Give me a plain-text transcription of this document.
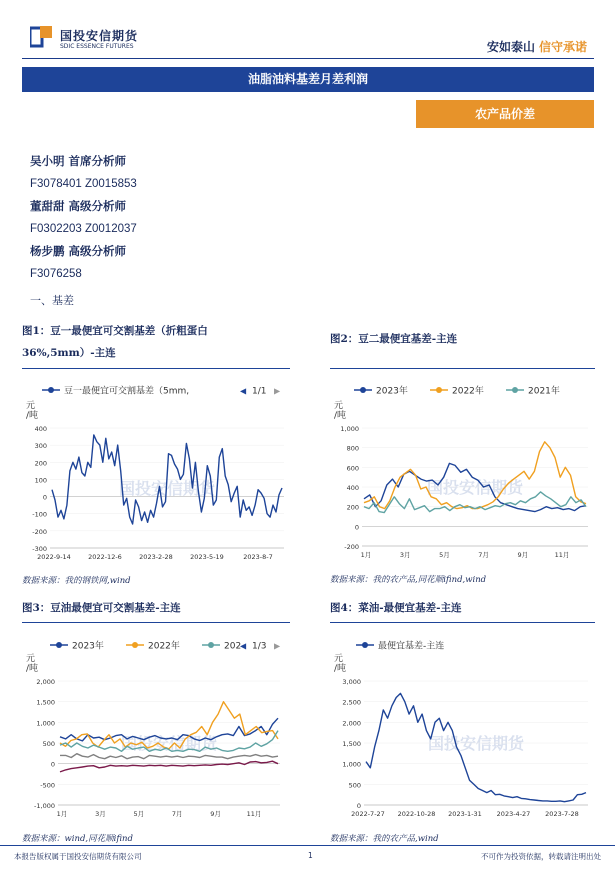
国投安信期货
SDIC ESSENCE FUTURES	安如泰山 信守承诺
油脂油料基差月差利润
农产品价差
吴小明 首席分析师
F3078401 Z0015853
董甜甜 高级分析师
F0302203 Z0012037
杨步鹏 高级分析师
F3076258
一、基差
图1：豆一最便宜可交割基差（折粗蛋白
36%,5mm）-主连
国投安信期货
豆一最便宜可交割基差（5mm,	◀ 1/1 ▶
元
/吨
400
300
200
100
0
-100
-200
-300
2022-9-14	2022-12-6	2023-2-28	2023-5-19	2023-8-7
数据来源：我的钢铁网,wind
图2：豆二最便宜基差-主连
国投安信期货
2023年	2022年	2021年
元
/吨
1,000
800
600
400
200
0
-200
1月	3月	5月	7月	9月	11月
数据来源：我的农产品,同花顺ifind,wind
图3：豆油最便宜可交割基差-主连
国投安信期货
2023年	2022年	202
◀ 1/3 ▶
元
/吨
2,000
1,500
1,000
500
0
-500
-1,000
1月	3月	5月	7月	9月	11月
数据来源：wind,同花顺ifind
图4：菜油-最便宜基差-主连
国投安信期货
最便宜基差-主连
元
/吨
3,000
2,500
2,000
1,500
1,000
500
0
2022-7-27 2022-10-28 2023-1-31 2023-4-27 2023-7-28
数据来源：我的农产品,wind
本报告版权属于国投安信期货有限公司	1	不可作为投资依据，转载请注明出处
